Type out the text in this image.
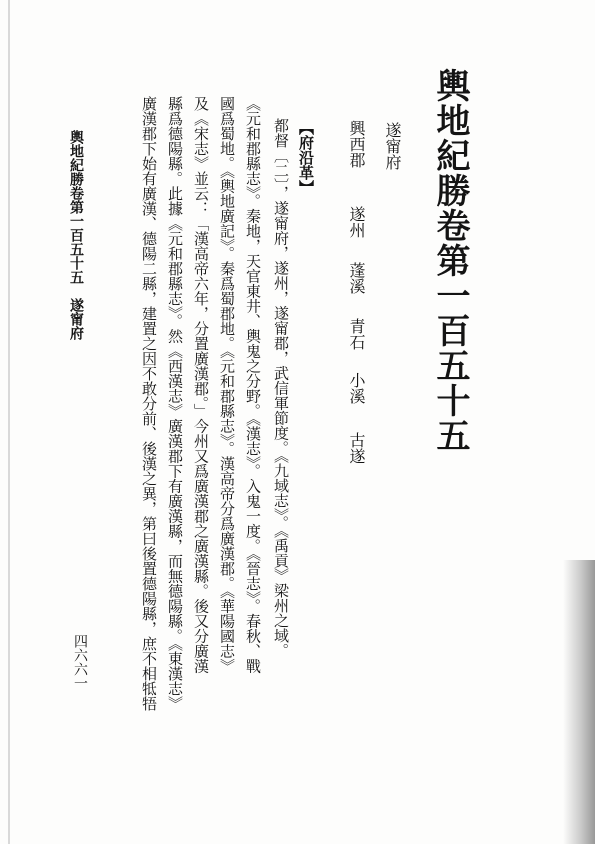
輿地紀勝卷第一百五十五
遂甯府
興西郡
遂州
蓬溪
青石
小溪
古遂
【府沿革】
都督〔二〕，遂甯府，遂州，遂甯郡，武信軍節度。《九域志》。《禹貢》梁州之域。
《元和郡縣志》。秦地，天官東井、輿鬼之分野。《漢志》。入鬼一度。《晉志》。春秋、戰
國爲蜀地。《輿地廣記》。秦爲蜀郡地。《元和郡縣志》。漢高帝分爲廣漢郡。《華陽國志》
及《宋志》並云：「漢高帝六年，分置廣漢郡。」今州又爲廣漢郡之廣漢縣。後又分廣漢
縣爲德陽縣。此據《元和郡縣志》。然《西漢志》廣漢郡下有廣漢縣，而無德陽縣。《東漢志》
廣漢郡下始有廣漢、德陽二縣，建置之因不敢分前、後漢之異，第曰後置德陽縣，庶不相牴牾
輿地紀勝卷第一百五十五　遂甯府
四六六一
